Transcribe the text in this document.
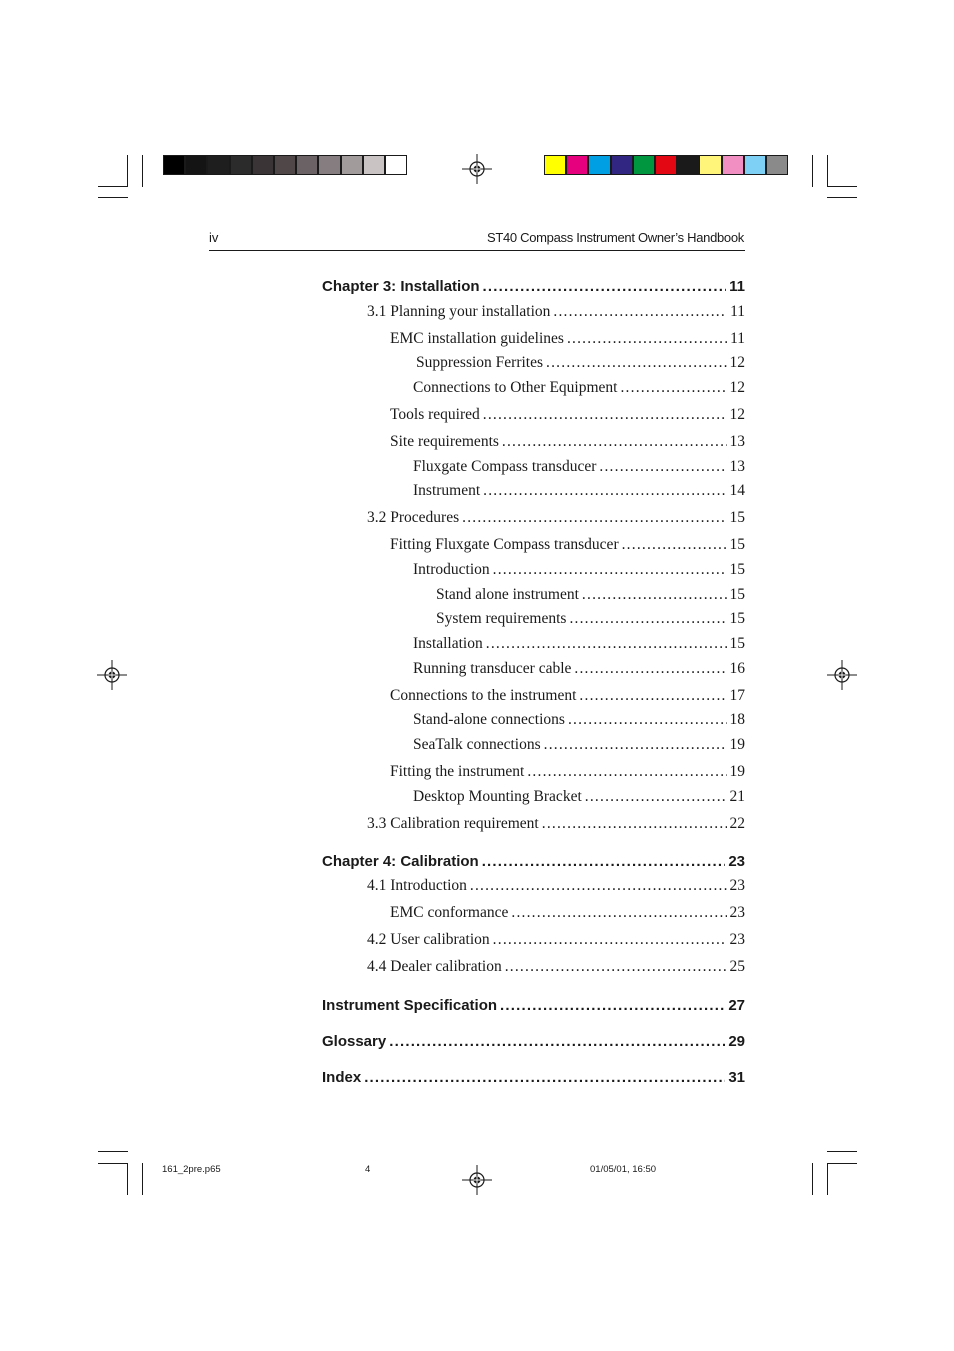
iv	ST40 Compass Instrument Owner’s Handbook
Chapter 3: Installation .....	11
3.1 Planning your installation .....	11
EMC installation guidelines .....	11
Suppression Ferrites .....	12
Connections to Other Equipment .....	12
Tools required .....	12
Site requirements .....	13
Fluxgate Compass transducer .....	13
Instrument .....	14
3.2 Procedures .....	15
Fitting Fluxgate Compass transducer .....	15
Introduction .....	15
Stand alone instrument .....	15
System requirements .....	15
Installation .....	15
Running transducer cable .....	16
Connections to the instrument .....	17
Stand-alone connections .....	18
SeaTalk connections .....	19
Fitting the instrument .....	19
Desktop Mounting Bracket .....	21
3.3 Calibration requirement .....	22
Chapter 4: Calibration .....	23
4.1 Introduction .....	23
EMC conformance .....	23
4.2 User calibration .....	23
4.4 Dealer calibration .....	25
Instrument Specification .....	27
Glossary .....	29
Index .....	31
161_2pre.p65	4	01/05/01, 16:50
